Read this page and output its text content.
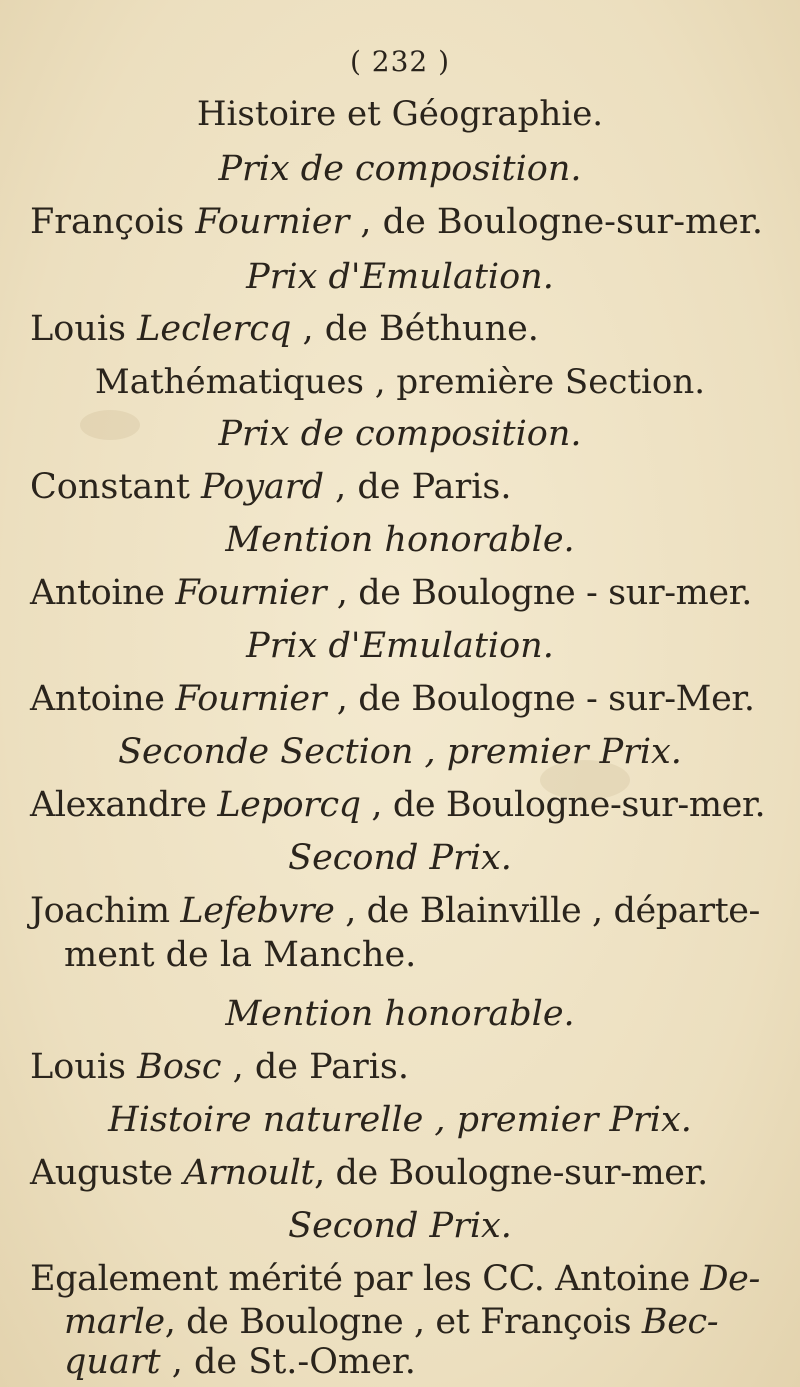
( 232 )
Histoire et Géographie.
Prix de composition.
François Fournier , de Boulogne-sur-mer.
Prix d'Emulation.
Louis Leclercq , de Béthune.
Mathématiques , première Section.
Prix de composition.
Constant Poyard , de Paris.
Mention honorable.
Antoine Fournier , de Boulogne - sur-mer.
Prix d'Emulation.
Antoine Fournier , de Boulogne - sur-Mer.
Seconde Section , premier Prix.
Alexandre Leporcq , de Boulogne-sur-mer.
Second Prix.
Joachim Lefebvre , de Blainville , départe-
ment de la Manche.
Mention honorable.
Louis Bosc , de Paris.
Histoire naturelle , premier Prix.
Auguste Arnoult, de Boulogne-sur-mer.
Second Prix.
Egalement mérité par les CC. Antoine De-
marle, de Boulogne , et François Bec-
quart , de St.-Omer.
